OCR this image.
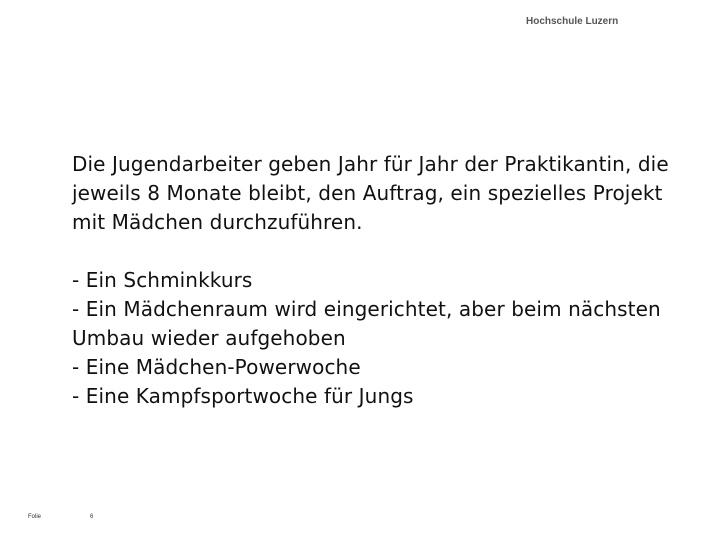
Hochschule Luzern

Die Jugendarbeiter geben Jahr für Jahr der Praktikantin, die jeweils 8 Monate bleibt, den Auftrag, ein spezielles Projekt mit Mädchen durchzuführen.

- Ein Schminkkurs
- Ein Mädchenraum wird eingerichtet, aber beim nächsten Umbau wieder aufgehoben
- Eine Mädchen-Powerwoche
- Eine Kampfsportwoche für Jungs
Folie	6
